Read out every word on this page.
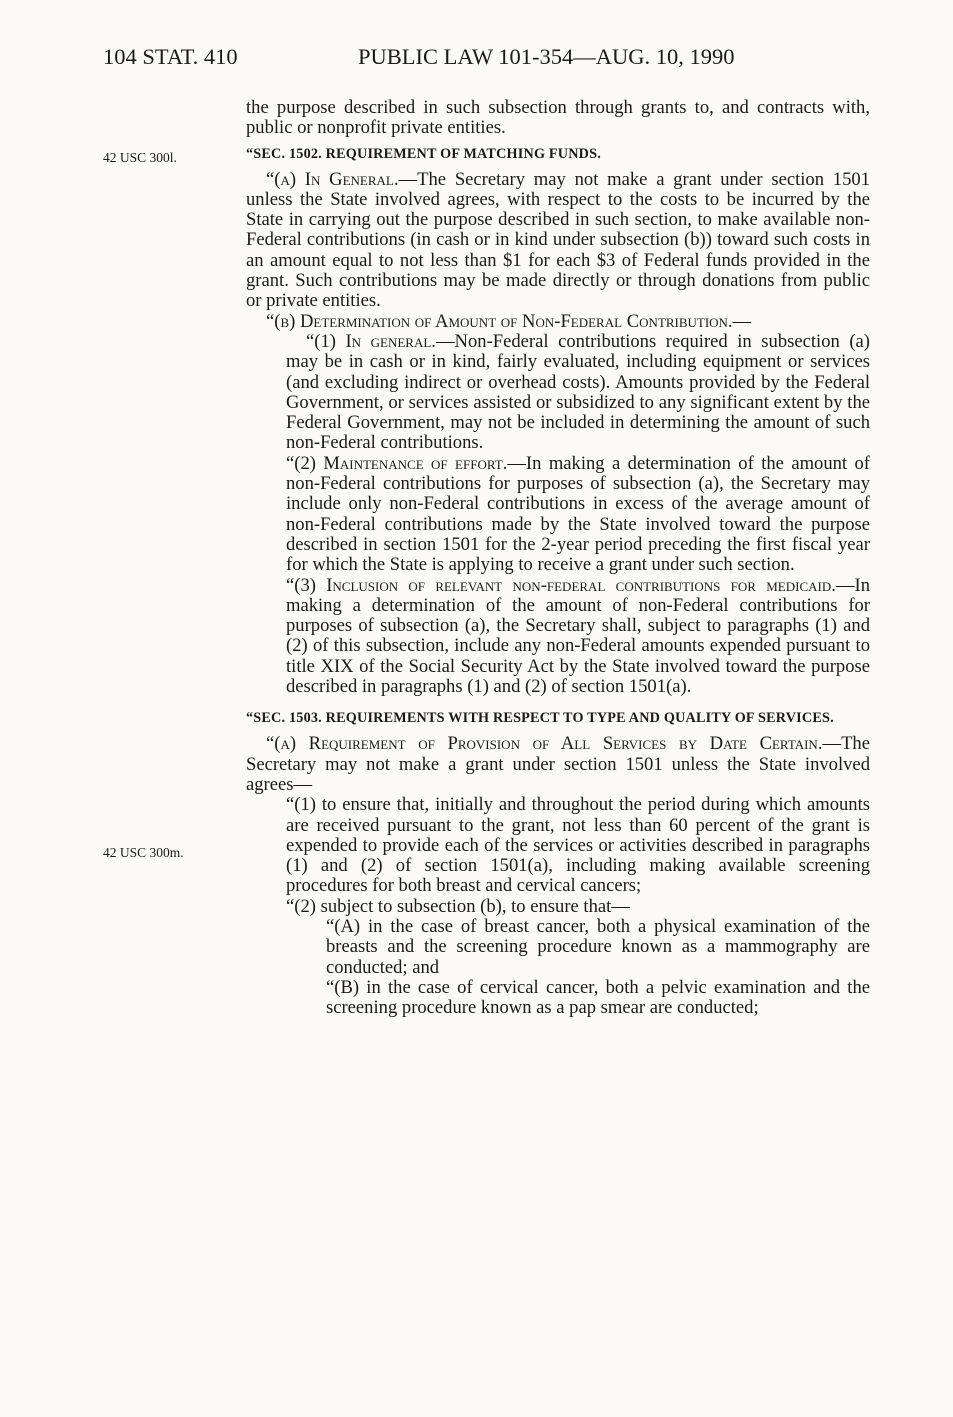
104 STAT. 410	PUBLIC LAW 101-354—AUG. 10, 1990
42 USC 300l.
42 USC 300m.

the purpose described in such subsection through grants to, and contracts with, public or nonprofit private entities.

“SEC. 1502. REQUIREMENT OF MATCHING FUNDS.

“(a) In General.—The Secretary may not make a grant under section 1501 unless the State involved agrees, with respect to the costs to be incurred by the State in carrying out the purpose described in such section, to make available non-Federal contributions (in cash or in kind under subsection (b)) toward such costs in an amount equal to not less than $1 for each $3 of Federal funds provided in the grant. Such contributions may be made directly or through donations from public or private entities.

“(b) Determination of Amount of Non-Federal Contribution.—

“(1) In general.—Non-Federal contributions required in subsection (a) may be in cash or in kind, fairly evaluated, including equipment or services (and excluding indirect or overhead costs). Amounts provided by the Federal Government, or services assisted or subsidized to any significant extent by the Federal Government, may not be included in determining the amount of such non-Federal contributions.

“(2) Maintenance of effort.—In making a determination of the amount of non-Federal contributions for purposes of subsection (a), the Secretary may include only non-Federal contributions in excess of the average amount of non-Federal contributions made by the State involved toward the purpose described in section 1501 for the 2-year period preceding the first fiscal year for which the State is applying to receive a grant under such section.

“(3) Inclusion of relevant non-federal contributions for medicaid.—In making a determination of the amount of non-Federal contributions for purposes of subsection (a), the Secretary shall, subject to paragraphs (1) and (2) of this subsection, include any non-Federal amounts expended pursuant to title XIX of the Social Security Act by the State involved toward the purpose described in paragraphs (1) and (2) of section 1501(a).

“SEC. 1503. REQUIREMENTS WITH RESPECT TO TYPE AND QUALITY OF SERVICES.

“(a) Requirement of Provision of All Services by Date Certain.—The Secretary may not make a grant under section 1501 unless the State involved agrees—

“(1) to ensure that, initially and throughout the period during which amounts are received pursuant to the grant, not less than 60 percent of the grant is expended to provide each of the services or activities described in paragraphs (1) and (2) of section 1501(a), including making available screening procedures for both breast and cervical cancers;

“(2) subject to subsection (b), to ensure that—

“(A) in the case of breast cancer, both a physical examination of the breasts and the screening procedure known as a mammography are conducted; and

“(B) in the case of cervical cancer, both a pelvic examination and the screening procedure known as a pap smear are conducted;
